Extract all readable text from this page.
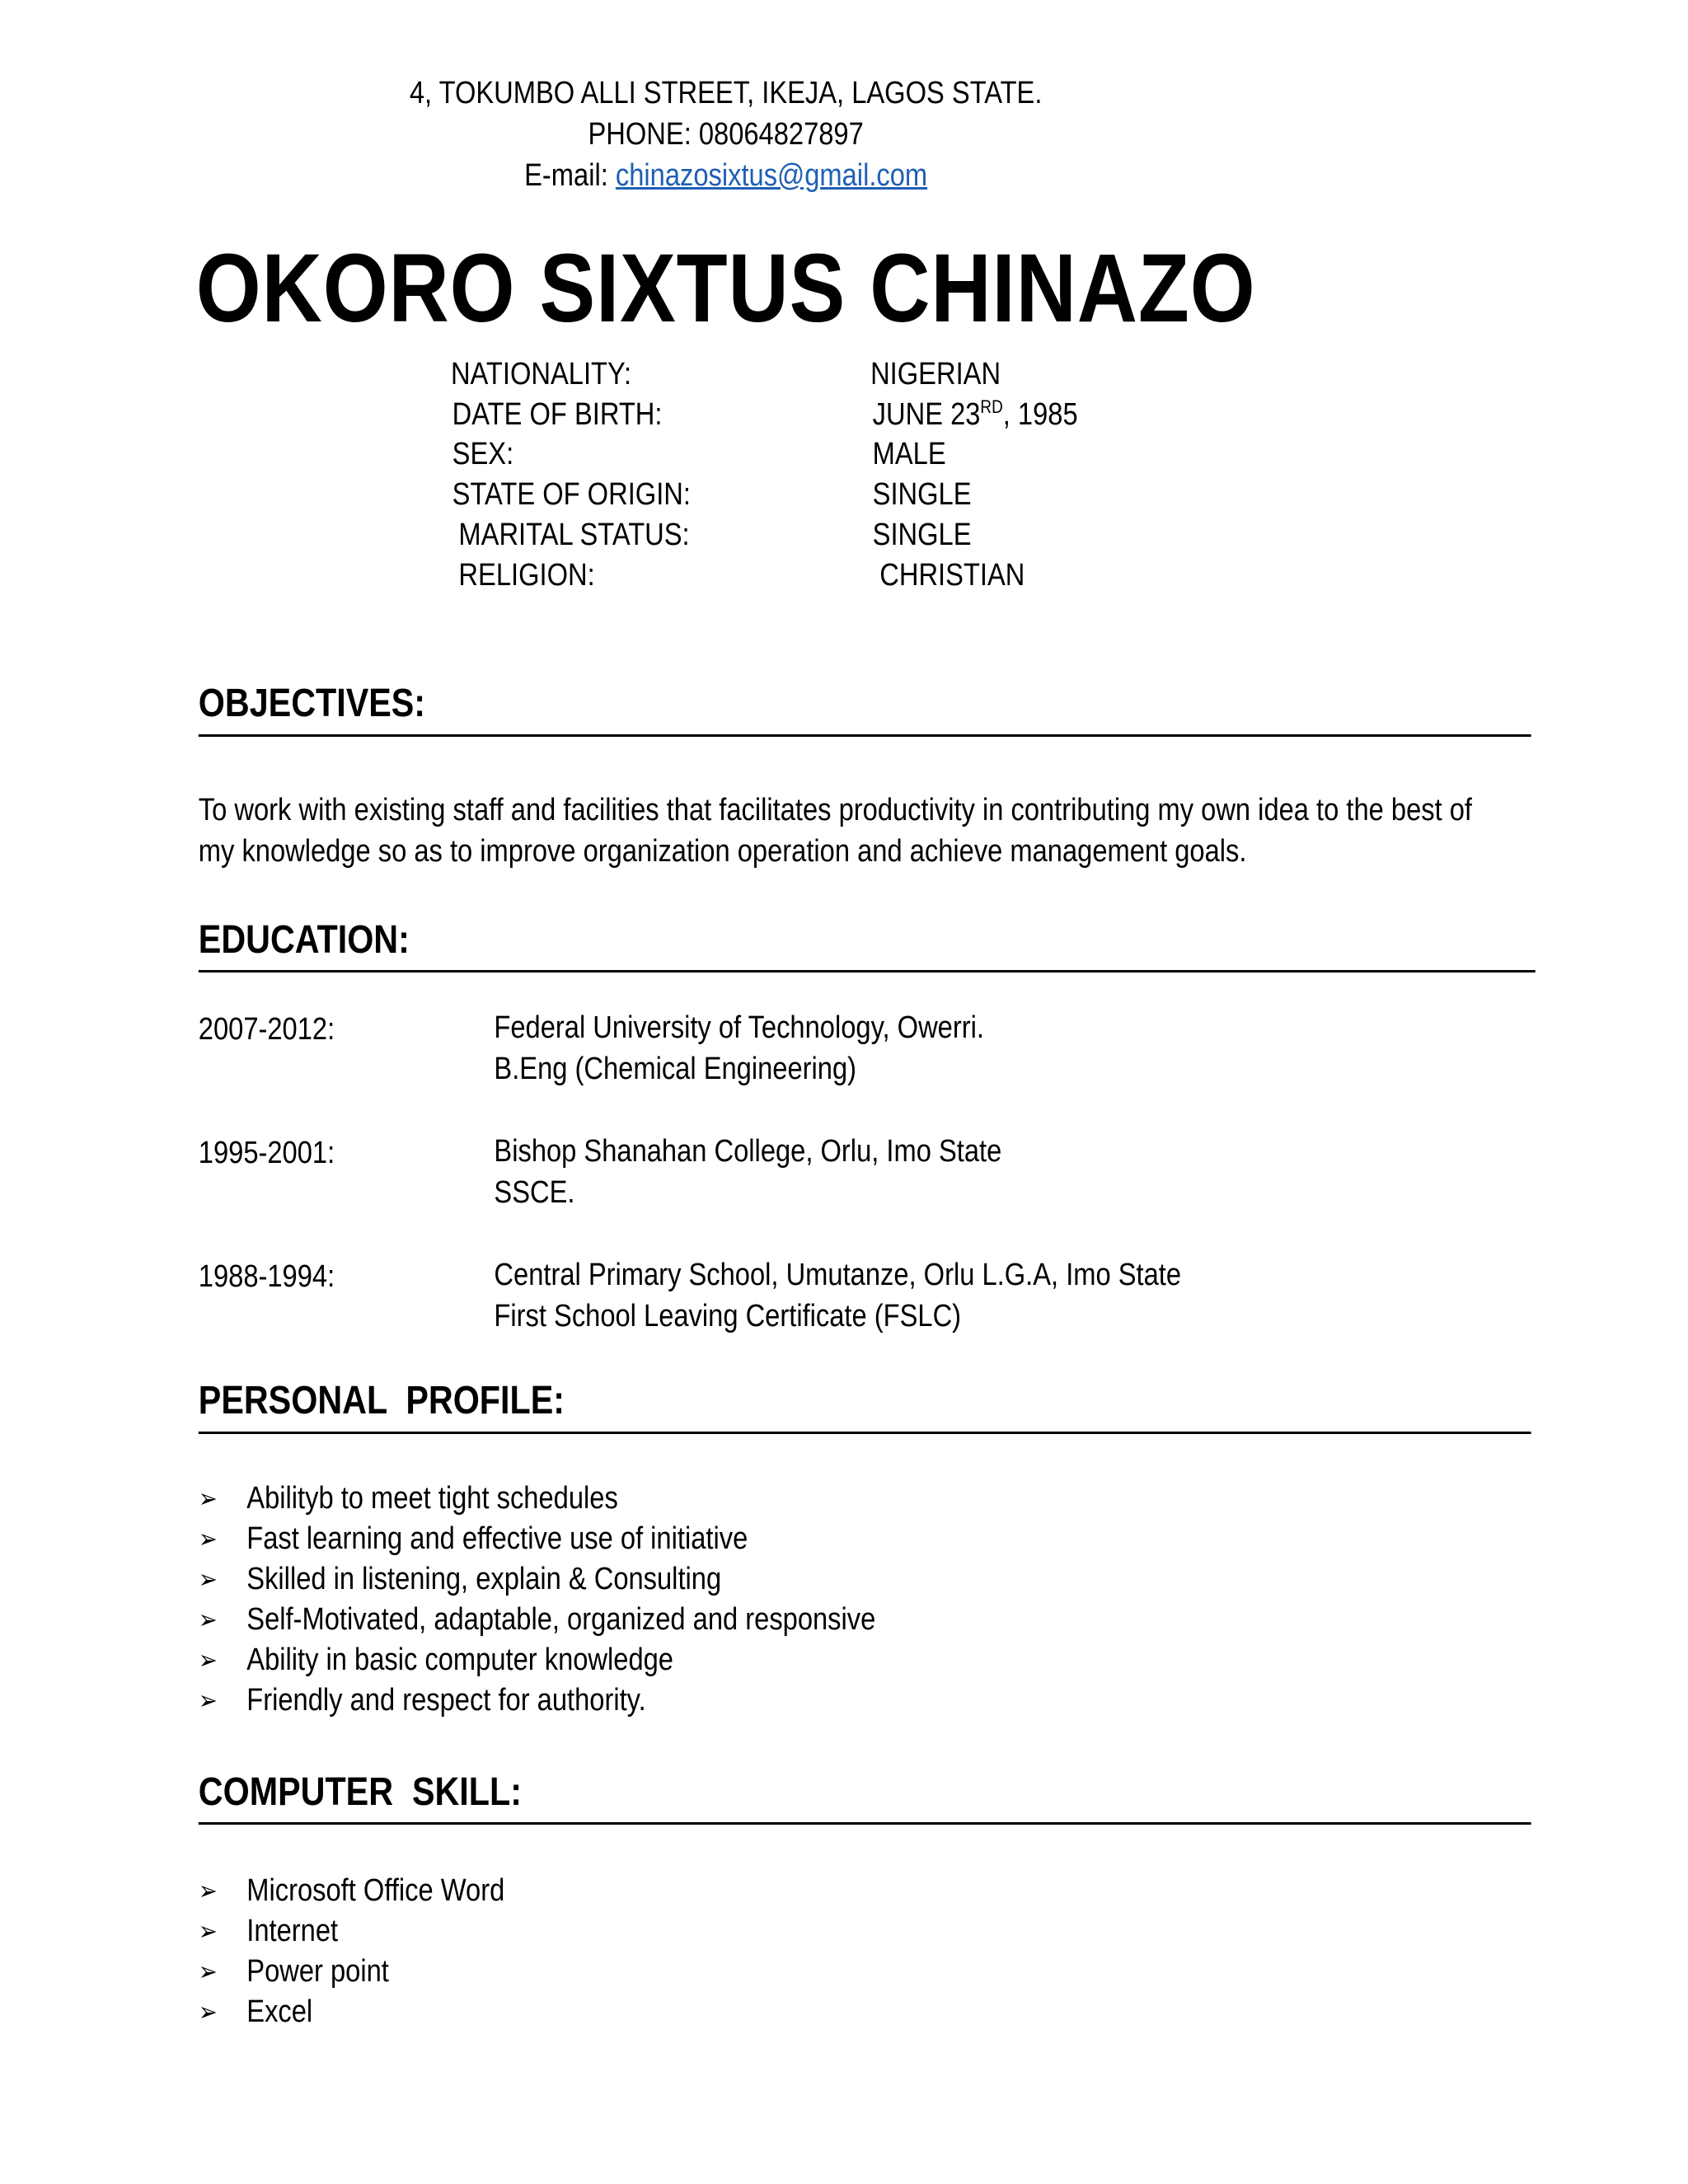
4, TOKUMBO ALLI STREET, IKEJA, LAGOS STATE.
PHONE: 08064827897
E-mail: chinazosixtus@gmail.com
OKORO SIXTUS CHINAZO
NATIONALITY:	NIGERIAN
DATE OF BIRTH:	JUNE 23RD, 1985
SEX:	MALE
STATE OF ORIGIN:	SINGLE
MARITAL STATUS:	SINGLE
RELIGION:	CHRISTIAN
OBJECTIVES:
To work with existing staff and facilities that facilitates productivity in contributing my own idea to the best of
my knowledge so as to improve organization operation and achieve management goals.
EDUCATION:
2007-2012:	Federal University of Technology, Owerri.
B.Eng (Chemical Engineering)
1995-2001:	Bishop Shanahan College, Orlu, Imo State
SSCE.
1988-1994:	Central Primary School, Umutanze, Orlu L.G.A, Imo State
First School Leaving Certificate (FSLC)
PERSONAL  PROFILE:
➢ Abilityb to meet tight schedules
➢ Fast learning and effective use of initiative
➢ Skilled in listening, explain & Consulting
➢ Self-Motivated, adaptable, organized and responsive
➢ Ability in basic computer knowledge
➢ Friendly and respect for authority.
COMPUTER  SKILL:
➢ Microsoft Office Word
➢ Internet
➢ Power point
➢ Excel
